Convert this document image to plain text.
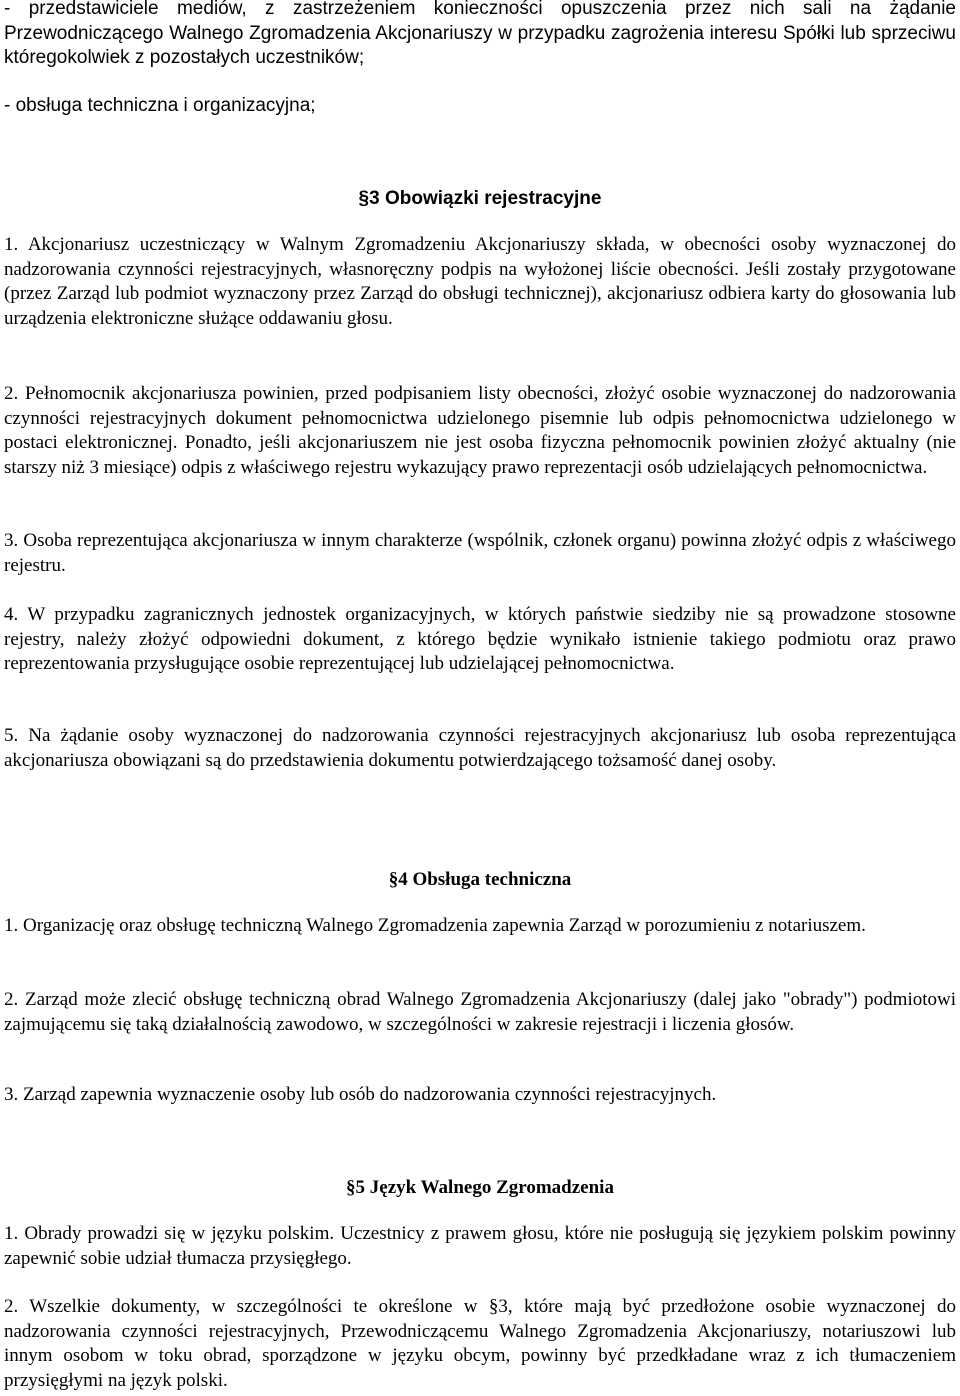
- przedstawiciele mediów, z zastrzeżeniem konieczności opuszczenia przez nich sali na żądanie Przewodniczącego Walnego Zgromadzenia Akcjonariuszy w przypadku zagrożenia interesu Spółki lub sprzeciwu któregokolwiek z pozostałych uczestników;

- obsługa techniczna i organizacyjna;

§3 Obowiązki rejestracyjne

1. Akcjonariusz uczestniczący w Walnym Zgromadzeniu Akcjonariuszy składa, w obecności osoby wyznaczonej do nadzorowania czynności rejestracyjnych, własnoręczny podpis na wyłożonej liście obecności. Jeśli zostały przygotowane (przez Zarząd lub podmiot wyznaczony przez Zarząd do obsługi technicznej), akcjonariusz odbiera karty do głosowania lub urządzenia elektroniczne służące oddawaniu głosu.

2. Pełnomocnik akcjonariusza powinien, przed podpisaniem listy obecności, złożyć osobie wyznaczonej do nadzorowania czynności rejestracyjnych dokument pełnomocnictwa udzielonego pisemnie lub odpis pełnomocnictwa udzielonego w postaci elektronicznej. Ponadto, jeśli akcjonariuszem nie jest osoba fizyczna pełnomocnik powinien złożyć aktualny (nie starszy niż 3 miesiące) odpis z właściwego rejestru wykazujący prawo reprezentacji osób udzielających pełnomocnictwa.

3. Osoba reprezentująca akcjonariusza w innym charakterze (wspólnik, członek organu) powinna złożyć odpis z właściwego rejestru.

4. W przypadku zagranicznych jednostek organizacyjnych, w których państwie siedziby nie są prowadzone stosowne rejestry, należy złożyć odpowiedni dokument, z którego będzie wynikało istnienie takiego podmiotu oraz prawo reprezentowania przysługujące osobie reprezentującej lub udzielającej pełnomocnictwa.

5. Na żądanie osoby wyznaczonej do nadzorowania czynności rejestracyjnych akcjonariusz lub osoba reprezentująca akcjonariusza obowiązani są do przedstawienia dokumentu potwierdzającego tożsamość danej osoby.

§4 Obsługa techniczna

1. Organizację oraz obsługę techniczną Walnego Zgromadzenia zapewnia Zarząd w porozumieniu z notariuszem.

2. Zarząd może zlecić obsługę techniczną obrad Walnego Zgromadzenia Akcjonariuszy (dalej jako "obrady") podmiotowi zajmującemu się taką działalnością zawodowo, w szczególności w zakresie rejestracji i liczenia głosów.

3. Zarząd zapewnia wyznaczenie osoby lub osób do nadzorowania czynności rejestracyjnych.

§5 Język Walnego Zgromadzenia

1. Obrady prowadzi się w języku polskim. Uczestnicy z prawem głosu, które nie posługują się językiem polskim powinny zapewnić sobie udział tłumacza przysięgłego.

2. Wszelkie dokumenty, w szczególności te określone w §3, które mają być przedłożone osobie wyznaczonej do nadzorowania czynności rejestracyjnych, Przewodniczącemu Walnego Zgromadzenia Akcjonariuszy, notariuszowi lub innym osobom w toku obrad, sporządzone w języku obcym, powinny być przedkładane wraz z ich tłumaczeniem przysięgłymi na język polski.
